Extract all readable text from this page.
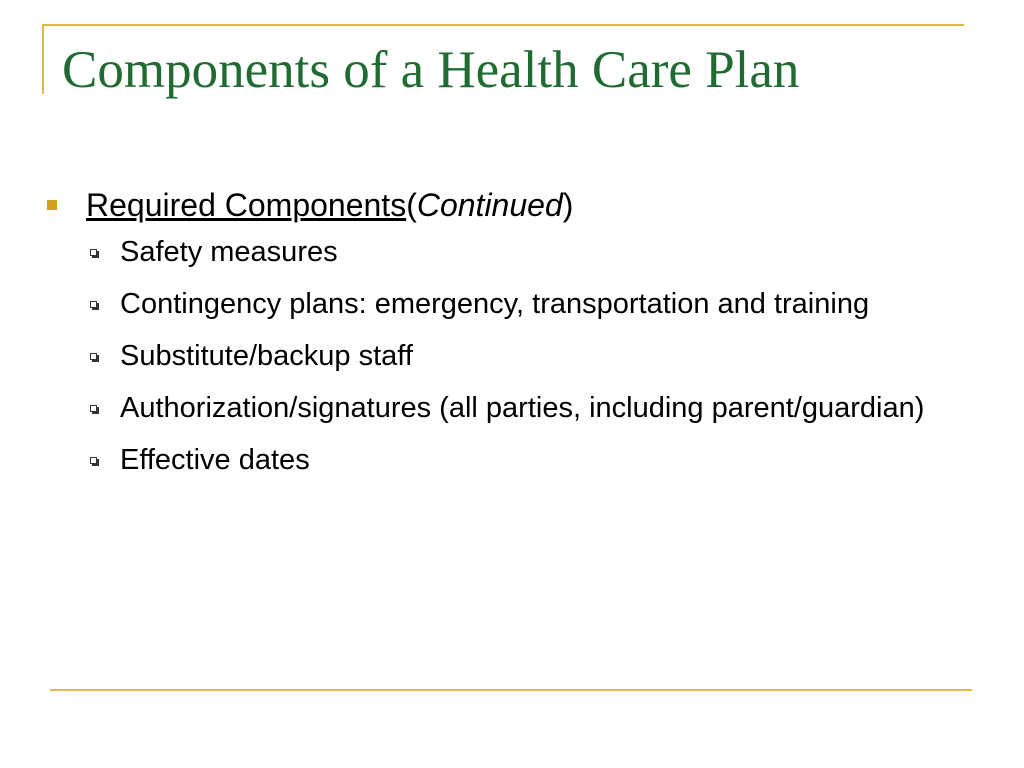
Components of a Health Care Plan
Required Components(Continued)
Safety measures
Contingency plans: emergency, transportation and training
Substitute/backup staff
Authorization/signatures (all parties, including parent/guardian)
Effective dates
